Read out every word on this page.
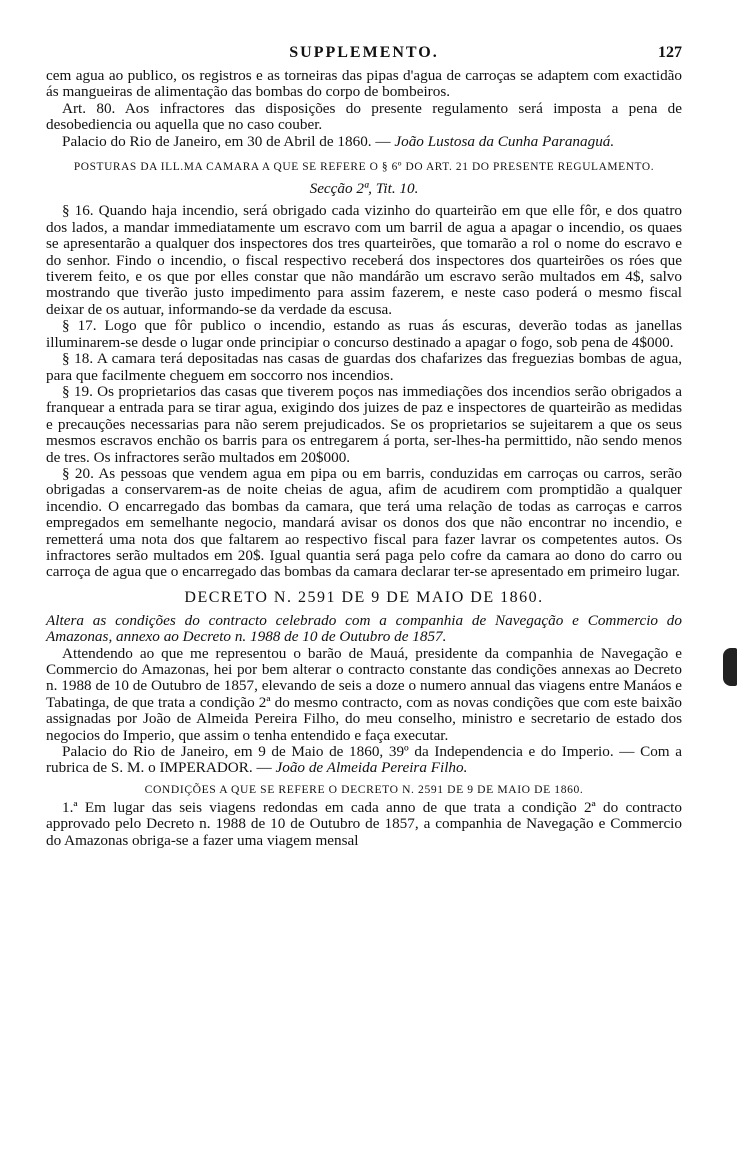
SUPPLEMENTO.	127

cem agua ao publico, os registros e as torneiras das pipas d'agua de carroças se adaptem com exactidão ás mangueiras de alimentação das bombas do corpo de bombeiros.

Art. 80. Aos infractores das disposições do presente regulamento será imposta a pena de desobediencia ou aquella que no caso couber.

Palacio do Rio de Janeiro, em 30 de Abril de 1860. — João Lustosa da Cunha Paranaguá.

POSTURAS DA ILL.MA CAMARA A QUE SE REFERE O § 6º DO ART. 21 DO PRESENTE REGULAMENTO.

Secção 2ª, Tit. 10.

§ 16. Quando haja incendio, será obrigado cada vizinho do quarteirão em que elle fôr, e dos quatro dos lados, a mandar immediatamente um escravo com um barril de agua a apagar o incendio, os quaes se apresentarão a qualquer dos inspectores dos tres quarteirões, que tomarão a rol o nome do escravo e do senhor. Findo o incendio, o fiscal respectivo receberá dos inspectores dos quarteirões os róes que tiverem feito, e os que por elles constar que não mandárão um escravo serão multados em 4$, salvo mostrando que tiverão justo impedimento para assim fazerem, e neste caso poderá o mesmo fiscal deixar de os autuar, informando-se da verdade da escusa.

§ 17. Logo que fôr publico o incendio, estando as ruas ás escuras, deverão todas as janellas illuminarem-se desde o lugar onde principiar o concurso destinado a apagar o fogo, sob pena de 4$000.

§ 18. A camara terá depositadas nas casas de guardas dos chafarizes das freguezias bombas de agua, para que facilmente cheguem em soccorro nos incendios.

§ 19. Os proprietarios das casas que tiverem poços nas immediações dos incendios serão obrigados a franquear a entrada para se tirar agua, exigindo dos juizes de paz e inspectores de quarteirão as medidas e precauções necessarias para não serem prejudicados. Se os proprietarios se sujeitarem a que os seus mesmos escravos enchão os barris para os entregarem á porta, ser-lhes-ha permittido, não sendo menos de tres. Os infractores serão multados em 20$000.

§ 20. As pessoas que vendem agua em pipa ou em barris, conduzidas em carroças ou carros, serão obrigadas a conservarem-as de noite cheias de agua, afim de acudirem com promptidão a qualquer incendio. O encarregado das bombas da camara, que terá uma relação de todas as carroças e carros empregados em semelhante negocio, mandará avisar os donos dos que não encontrar no incendio, e remetterá uma nota dos que faltarem ao respectivo fiscal para fazer lavrar os competentes autos. Os infractores serão multados em 20$. Igual quantia será paga pelo cofre da camara ao dono do carro ou carroça de agua que o encarregado das bombas da camara declarar ter-se apresentado em primeiro lugar.

DECRETO N. 2591 DE 9 DE MAIO DE 1860.

Altera as condições do contracto celebrado com a companhia de Navegação e Commercio do Amazonas, annexo ao Decreto n. 1988 de 10 de Outubro de 1857.

Attendendo ao que me representou o barão de Mauá, presidente da companhia de Navegação e Commercio do Amazonas, hei por bem alterar o contracto constante das condições annexas ao Decreto n. 1988 de 10 de Outubro de 1857, elevando de seis a doze o numero annual das viagens entre Manáos e Tabatinga, de que trata a condição 2ª do mesmo contracto, com as novas condições que com este baixão assignadas por João de Almeida Pereira Filho, do meu conselho, ministro e secretario de estado dos negocios do Imperio, que assim o tenha entendido e faça executar.

Palacio do Rio de Janeiro, em 9 de Maio de 1860, 39º da Independencia e do Imperio. — Com a rubrica de S. M. o IMPERADOR. — João de Almeida Pereira Filho.

CONDIÇÕES A QUE SE REFERE O DECRETO N. 2591 DE 9 DE MAIO DE 1860.

1.ª Em lugar das seis viagens redondas em cada anno de que trata a condição 2ª do contracto approvado pelo Decreto n. 1988 de 10 de Outubro de 1857, a companhia de Navegação e Commercio do Amazonas obriga-se a fazer uma viagem mensal
